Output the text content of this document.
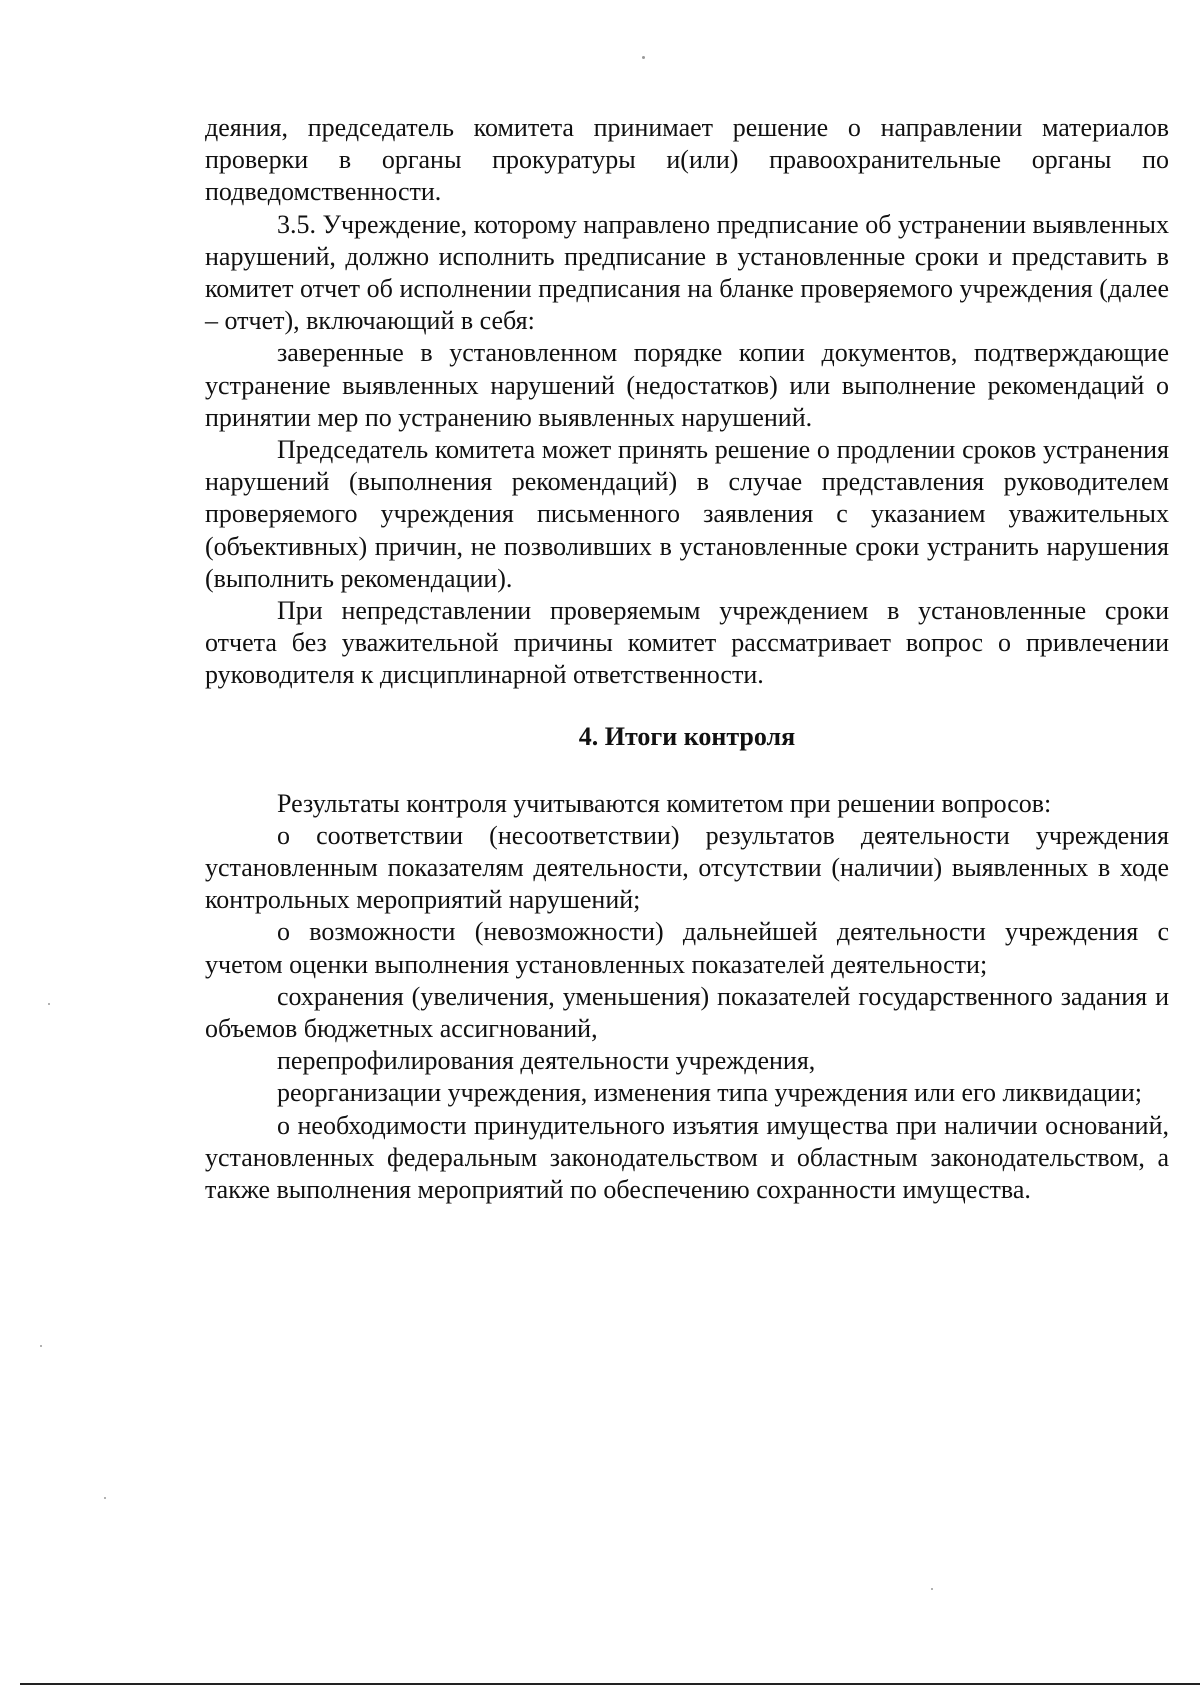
деяния, председатель комитета принимает решение о направлении материалов проверки в органы прокуратуры и(или) правоохранительные органы по подведомственности.

3.5. Учреждение, которому направлено предписание об устранении выявленных нарушений, должно исполнить предписание в установленные сроки и представить в комитет отчет об исполнении предписания на бланке проверяемого учреждения (далее – отчет), включающий в себя:

заверенные в установленном порядке копии документов, подтверждающие устранение выявленных нарушений (недостатков) или выполнение рекомендаций о принятии мер по устранению выявленных нарушений.

Председатель комитета может принять решение о продлении сроков устранения нарушений (выполнения рекомендаций) в случае представления руководителем проверяемого учреждения письменного заявления с указанием уважительных (объективных) причин, не позволивших в установленные сроки устранить нарушения (выполнить рекомендации).

При непредставлении проверяемым учреждением в установленные сроки отчета без уважительной причины комитет рассматривает вопрос о привлечении руководителя к дисциплинарной ответственности.

4. Итоги контроля

Результаты контроля учитываются комитетом при решении вопросов:

о соответствии (несоответствии) результатов деятельности учреждения установленным показателям деятельности, отсутствии (наличии) выявленных в ходе контрольных мероприятий нарушений;

о возможности (невозможности) дальнейшей деятельности учреждения с учетом оценки выполнения установленных показателей деятельности;

сохранения (увеличения, уменьшения) показателей государственного задания и объемов бюджетных ассигнований,

перепрофилирования деятельности учреждения,

реорганизации учреждения, изменения типа учреждения или его ликвидации;

о необходимости принудительного изъятия имущества при наличии оснований, установленных федеральным законодательством и областным законодательством, а также выполнения мероприятий по обеспечению сохранности имущества.
